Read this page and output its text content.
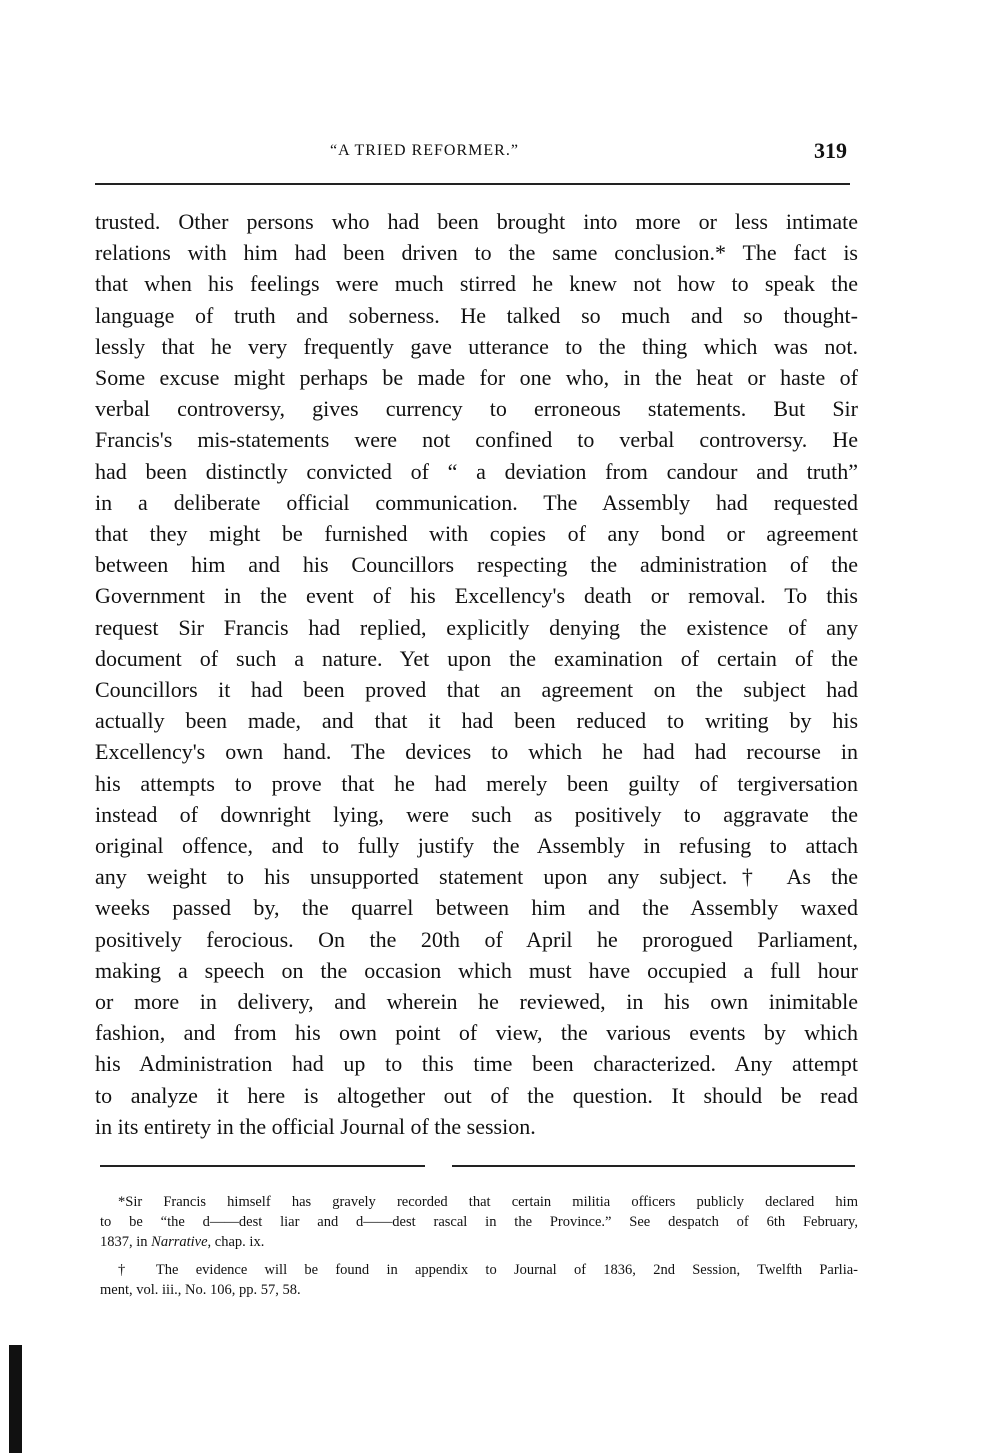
“A TRIED REFORMER.”	319
trusted. Other persons who had been brought into more or less intimate
relations with him had been driven to the same conclusion.* The fact is
that when his feelings were much stirred he knew not how to speak the
language of truth and soberness. He talked so much and so thought-
lessly that he very frequently gave utterance to the thing which was not.
Some excuse might perhaps be made for one who, in the heat or haste of
verbal controversy, gives currency to erroneous statements. But Sir
Francis's mis-statements were not confined to verbal controversy. He
had been distinctly convicted of “ a deviation from candour and truth”
in a deliberate official communication. The Assembly had requested
that they might be furnished with copies of any bond or agreement
between him and his Councillors respecting the administration of the
Government in the event of his Excellency's death or removal. To this
request Sir Francis had replied, explicitly denying the existence of any
document of such a nature. Yet upon the examination of certain of the
Councillors it had been proved that an agreement on the subject had
actually been made, and that it had been reduced to writing by his
Excellency's own hand. The devices to which he had had recourse in
his attempts to prove that he had merely been guilty of tergiversation
instead of downright lying, were such as positively to aggravate the
original offence, and to fully justify the Assembly in refusing to attach
any weight to his unsupported statement upon any subject.† As the
weeks passed by, the quarrel between him and the Assembly waxed
positively ferocious. On the 20th of April he prorogued Parliament,
making a speech on the occasion which must have occupied a full hour
or more in delivery, and wherein he reviewed, in his own inimitable
fashion, and from his own point of view, the various events by which
his Administration had up to this time been characterized. Any attempt
to analyze it here is altogether out of the question. It should be read
in its entirety in the official Journal of the session.
*Sir Francis himself has gravely recorded that certain militia officers publicly declared him
to be “the d——dest liar and d——dest rascal in the Province.” See despatch of 6th February,
1837, in Narrative, chap. ix.
† The evidence will be found in appendix to Journal of 1836, 2nd Session, Twelfth Parlia-
ment, vol. iii., No. 106, pp. 57, 58.
